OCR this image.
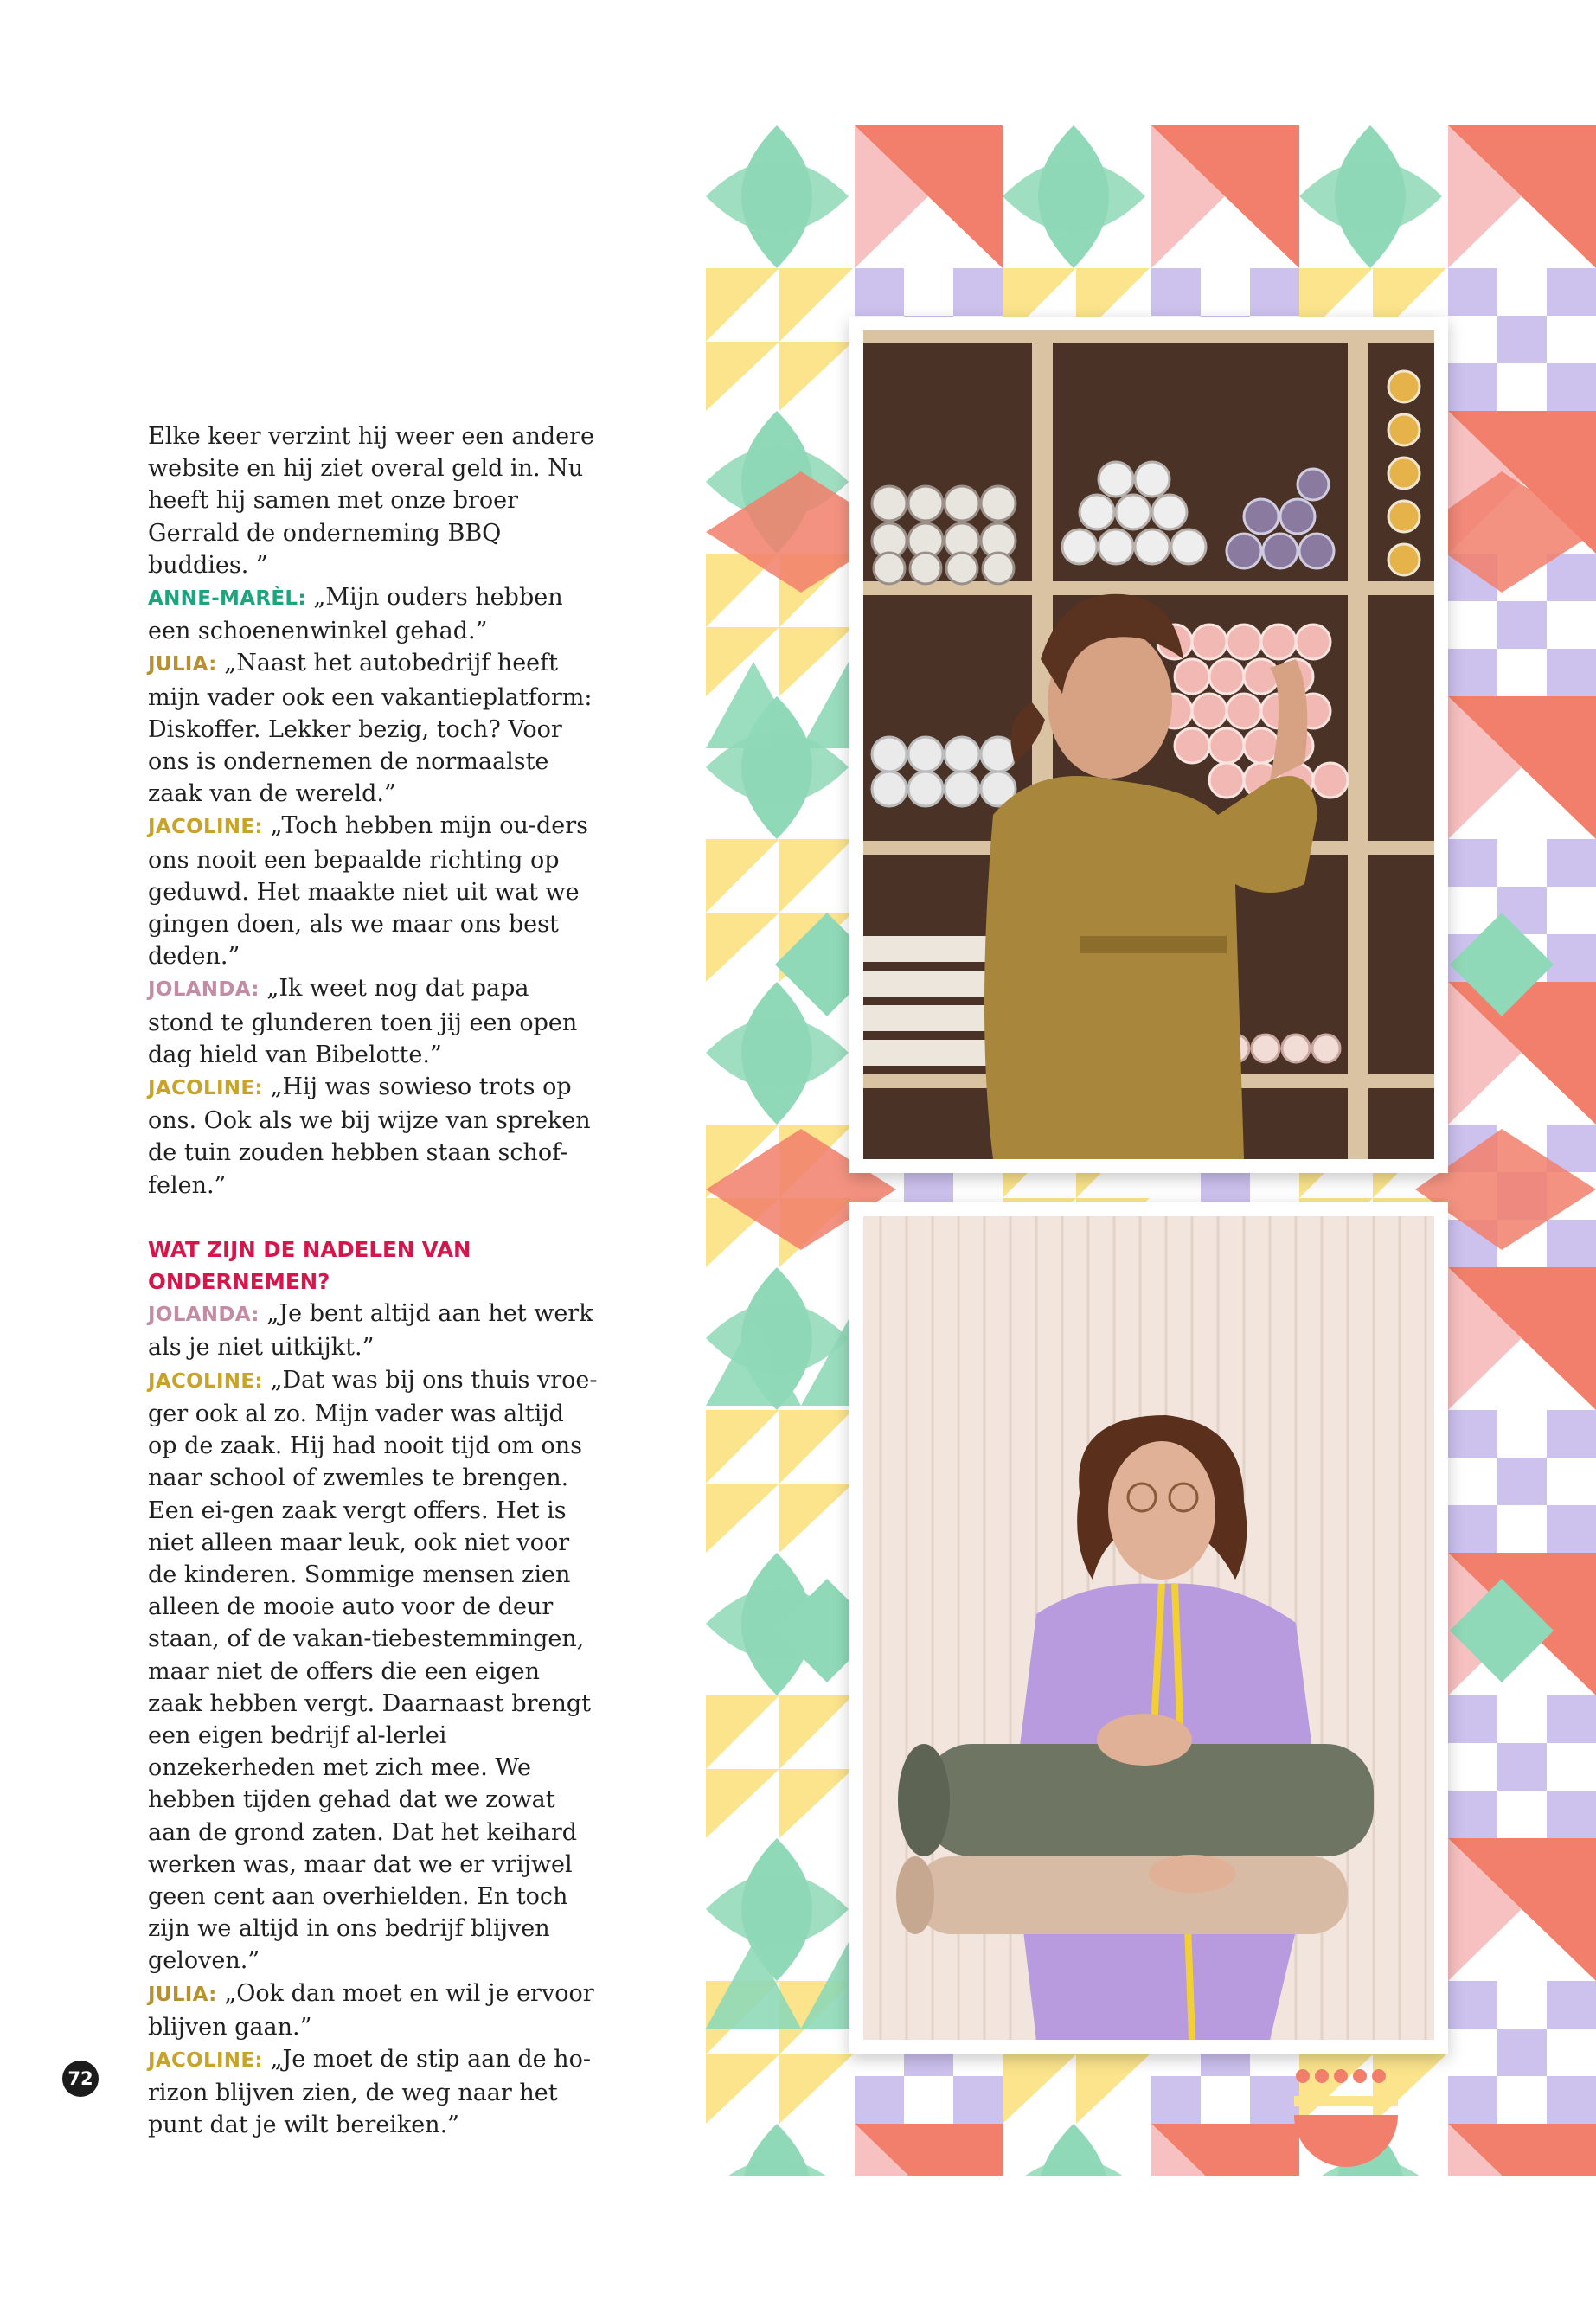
Elke keer verzint hij weer een andere website en hij ziet overal geld in. Nu heeft hij samen met onze broer Gerrald de onderneming BBQ buddies. ”

ANNE-MARÈL: „Mijn ouders hebben een schoenenwinkel gehad.”

JULIA: „Naast het autobedrijf heeft mijn vader ook een vakantieplatform: Diskoffer. Lekker bezig, toch? Voor ons is ondernemen de normaalste zaak van de wereld.”

JACOLINE: „Toch hebben mijn ou-ders ons nooit een bepaalde richting op geduwd. Het maakte niet uit wat we gingen doen, als we maar ons best deden.”

JOLANDA: „Ik weet nog dat papa stond te glunderen toen jij een open dag hield van Bibelotte.”

JACOLINE: „Hij was sowieso trots op ons. Ook als we bij wijze van spreken de tuin zouden hebben staan schof-felen.”

WAT ZIJN DE NADELEN VAN ONDERNEMEN?

JOLANDA: „Je bent altijd aan het werk als je niet uitkijkt.”

JACOLINE: „Dat was bij ons thuis vroe-ger ook al zo. Mijn vader was altijd op de zaak. Hij had nooit tijd om ons naar school of zwemles te brengen. Een ei-gen zaak vergt offers. Het is niet alleen maar leuk, ook niet voor de kinderen. Sommige mensen zien alleen de mooie auto voor de deur staan, of de vakan-tiebestemmingen, maar niet de offers die een eigen zaak hebben vergt. Daarnaast brengt een eigen bedrijf al-lerlei onzekerheden met zich mee. We hebben tijden gehad dat we zowat aan de grond zaten. Dat het keihard werken was, maar dat we er vrijwel geen cent aan overhielden. En toch zijn we altijd in ons bedrijf blijven geloven.”

JULIA: „Ook dan moet en wil je ervoor blijven gaan.”

JACOLINE: „Je moet de stip aan de ho-rizon blijven zien, de weg naar het punt dat je wilt bereiken.”

72
